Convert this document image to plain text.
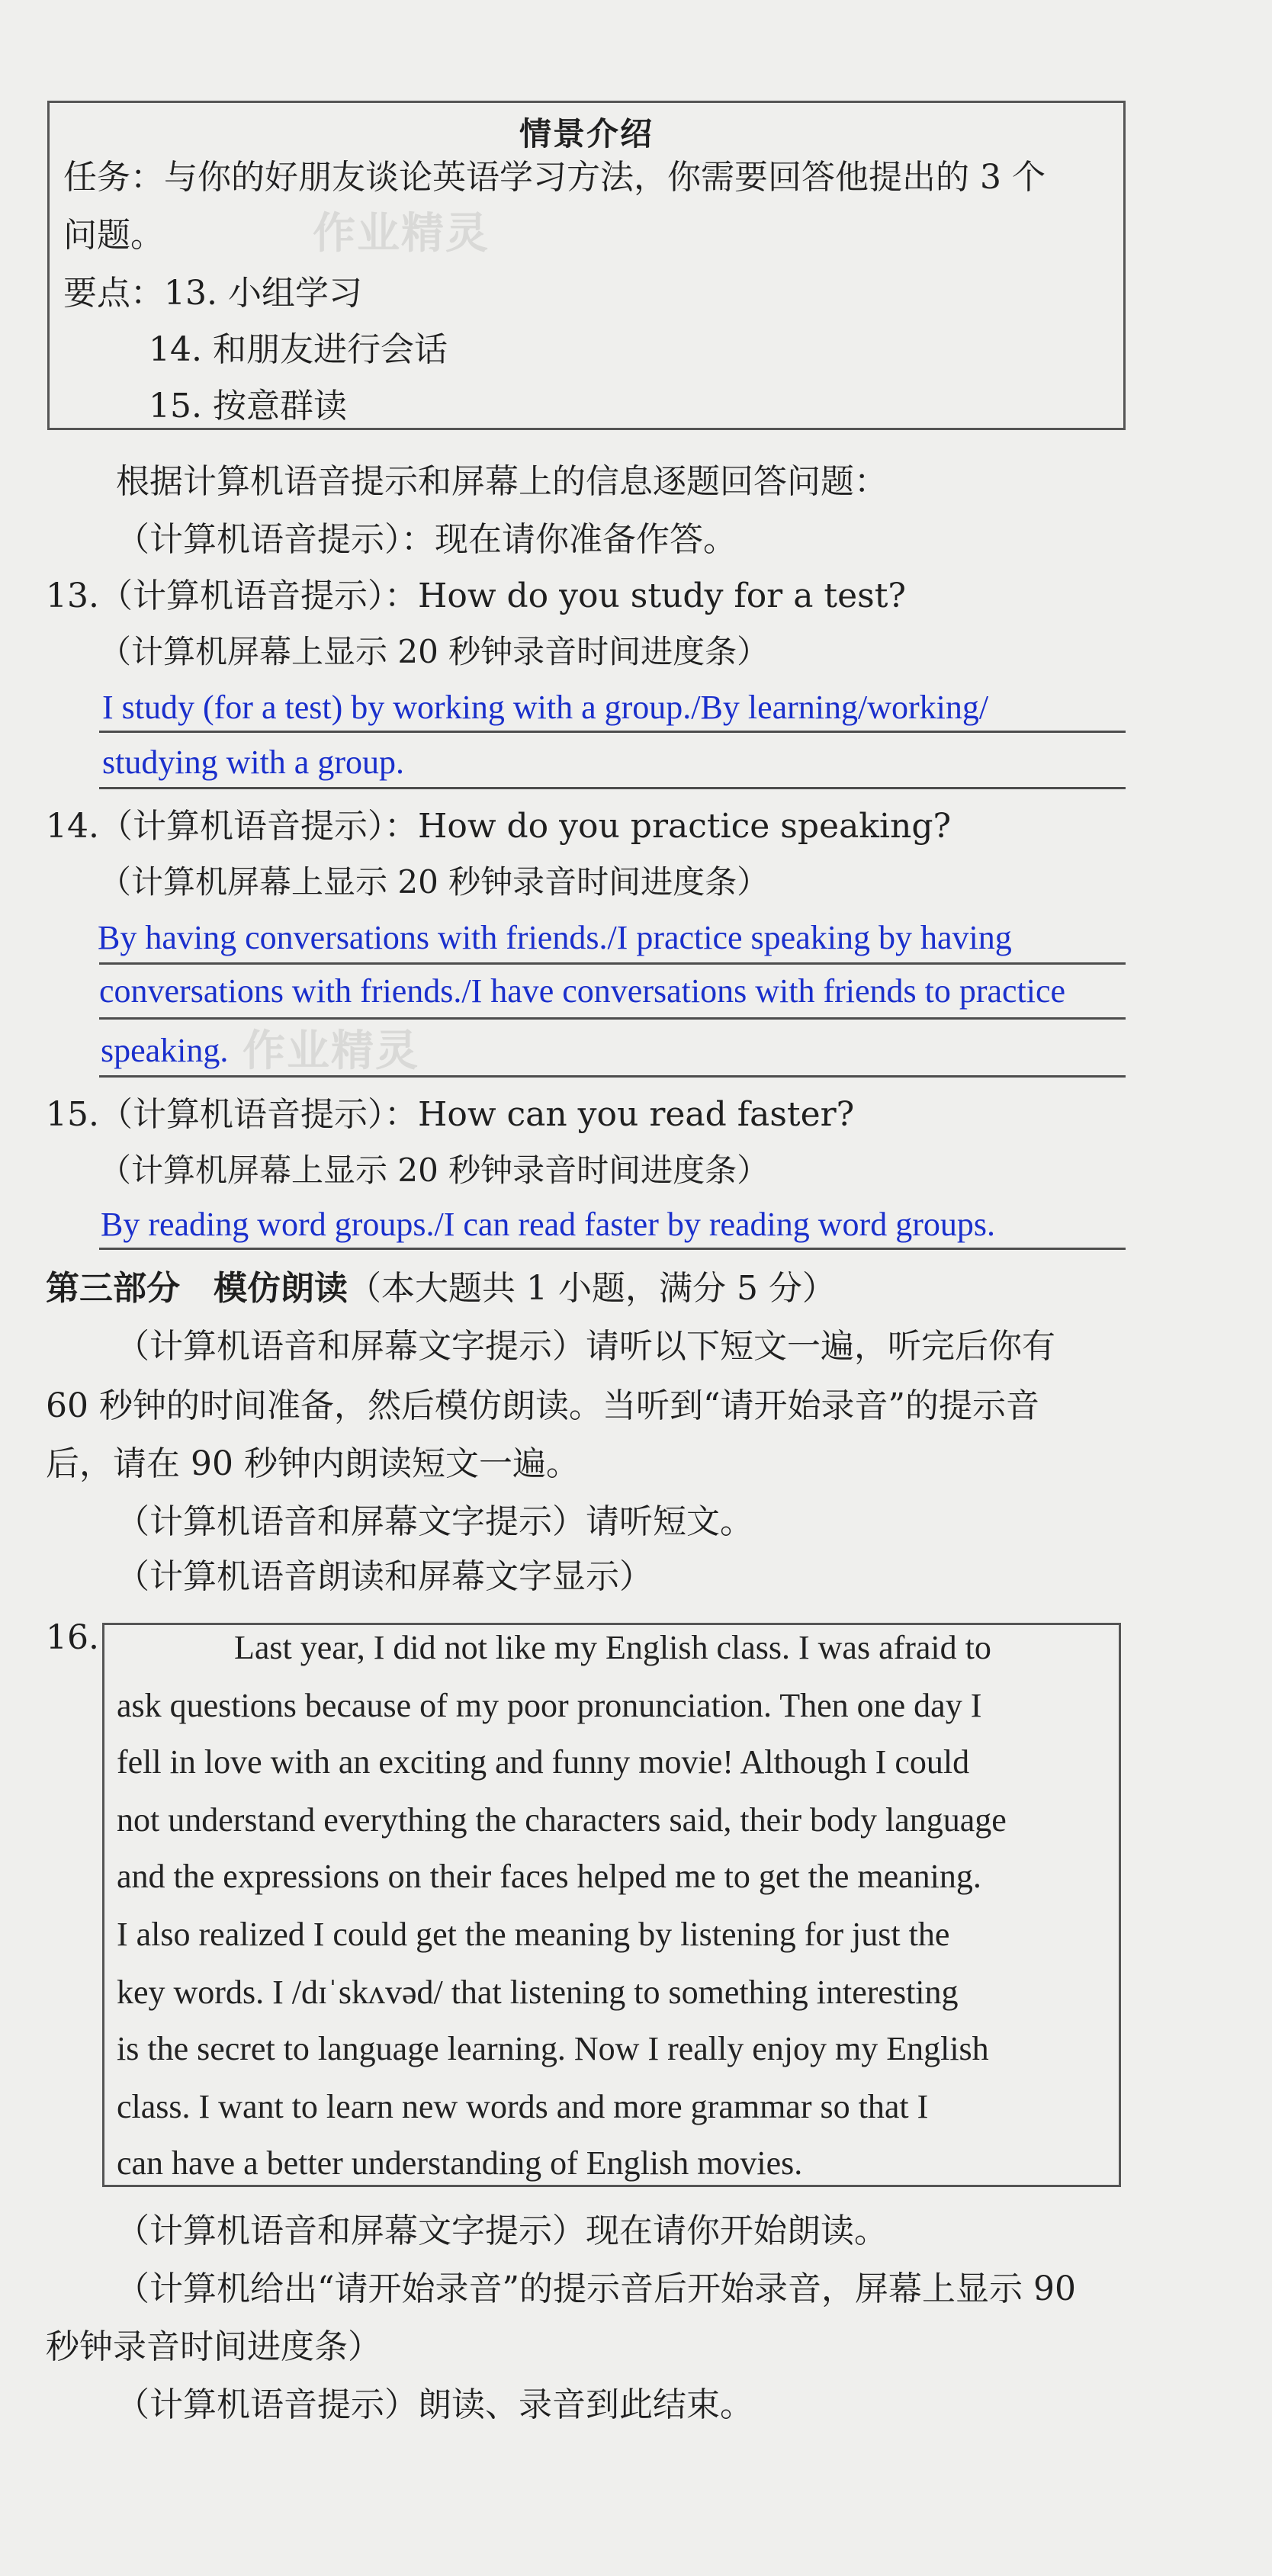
情景介绍
任务：与你的好朋友谈论英语学习方法，你需要回答他提出的 3 个
问题。
要点：13. 小组学习
14. 和朋友进行会话
15. 按意群读
作业精灵
根据计算机语音提示和屏幕上的信息逐题回答问题：
（计算机语音提示）：现在请你准备作答。
13.（计算机语音提示）：How do you study for a test?
（计算机屏幕上显示 20 秒钟录音时间进度条）
I study (for a test) by working with a group./By learning/working/
studying with a group.
14.（计算机语音提示）：How do you practice speaking?
（计算机屏幕上显示 20 秒钟录音时间进度条）
By having conversations with friends./I practice speaking by having
conversations with friends./I have conversations with friends to practice
speaking. 作业精灵
15.（计算机语音提示）：How can you read faster?
（计算机屏幕上显示 20 秒钟录音时间进度条）
By reading word groups./I can read faster by reading word groups.
第三部分　模仿朗读（本大题共 1 小题，满分 5 分）
（计算机语音和屏幕文字提示）请听以下短文一遍，听完后你有
60 秒钟的时间准备，然后模仿朗读。当听到“请开始录音”的提示音
后，请在 90 秒钟内朗读短文一遍。
（计算机语音和屏幕文字提示）请听短文。
（计算机语音朗读和屏幕文字显示）
16.	Last year, I did not like my English class. I was afraid to
ask questions because of my poor pronunciation. Then one day I
fell in love with an exciting and funny movie! Although I could
not understand everything the characters said, their body language
and the expressions on their faces helped me to get the meaning.
I also realized I could get the meaning by listening for just the
key words. I /dɪˈskʌvəd/ that listening to something interesting
is the secret to language learning. Now I really enjoy my English
class. I want to learn new words and more grammar so that I
can have a better understanding of English movies.
（计算机语音和屏幕文字提示）现在请你开始朗读。
（计算机给出“请开始录音”的提示音后开始录音，屏幕上显示 90
秒钟录音时间进度条）
（计算机语音提示）朗读、录音到此结束。
